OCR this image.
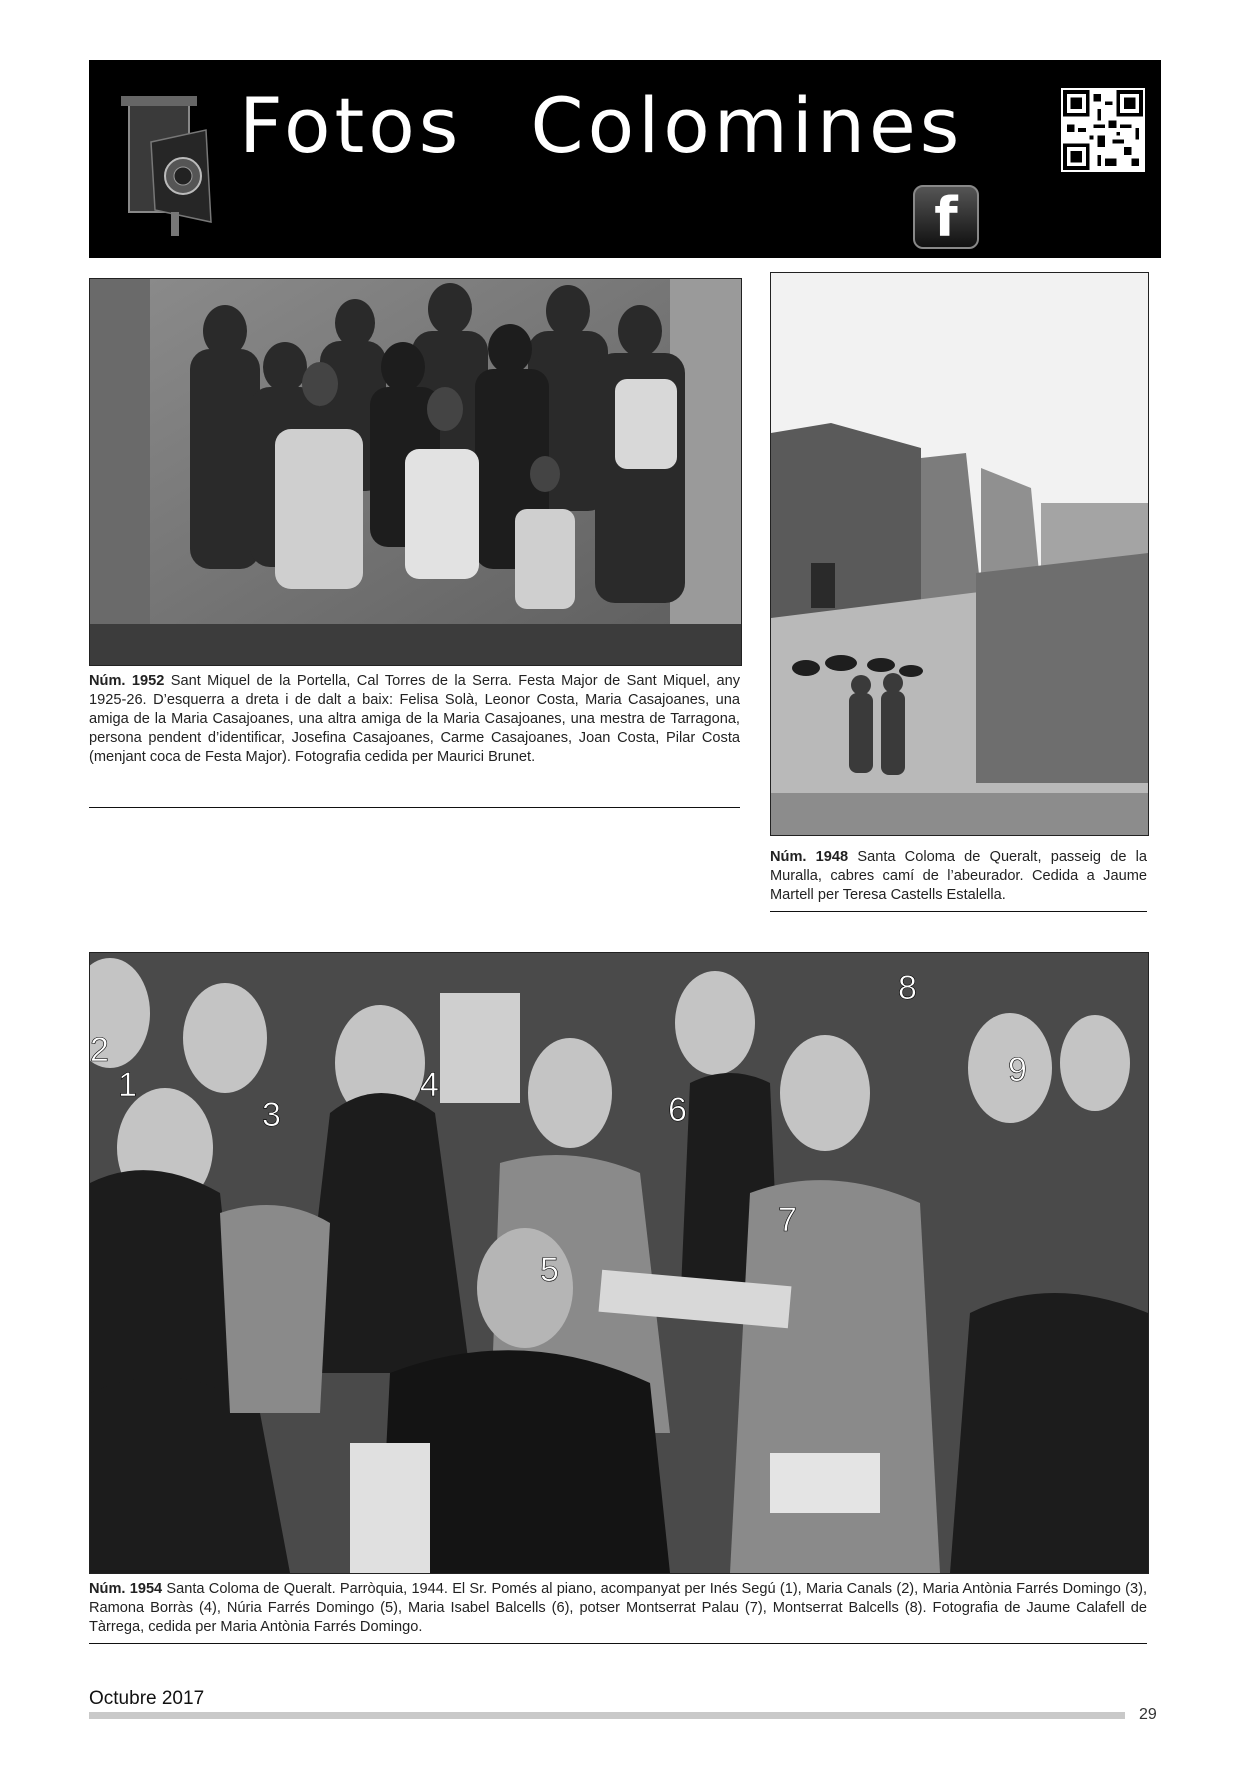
Fotos Colomines
f
Núm. 1952 Sant Miquel de la Portella, Cal Torres de la Serra. Festa Major de Sant Miquel, any 1925-26. D’esquerra a dreta i de dalt a baix: Felisa Solà, Leonor Costa, Maria Casajoanes, una amiga de la Maria Casajoanes, una altra amiga de la Maria Casajoanes, una mestra de Tarragona, persona pendent d’identificar, Josefina Casajoanes, Carme Casajoanes, Joan Costa, Pilar Costa (menjant coca de Festa Major). Fotografia cedida per Maurici Brunet.
Núm. 1948 Santa Coloma de Queralt, passeig de la Muralla, cabres camí de l’abeurador. Cedida a Jaume Martell per Teresa Castells Estalella.
1
2
3
4
5
6
7
8
9
Núm. 1954 Santa Coloma de Queralt. Parròquia, 1944. El Sr. Pomés al piano, acompanyat per Inés Segú (1), Maria Canals (2), Maria Antònia Farrés Domingo (3), Ramona Borràs (4), Núria Farrés Domingo (5), Maria Isabel Balcells (6), potser Montserrat Palau (7), Montserrat Balcells (8). Fotografia de Jaume Calafell de Tàrrega, cedida per Maria Antònia Farrés Domingo.
Octubre 2017
29
